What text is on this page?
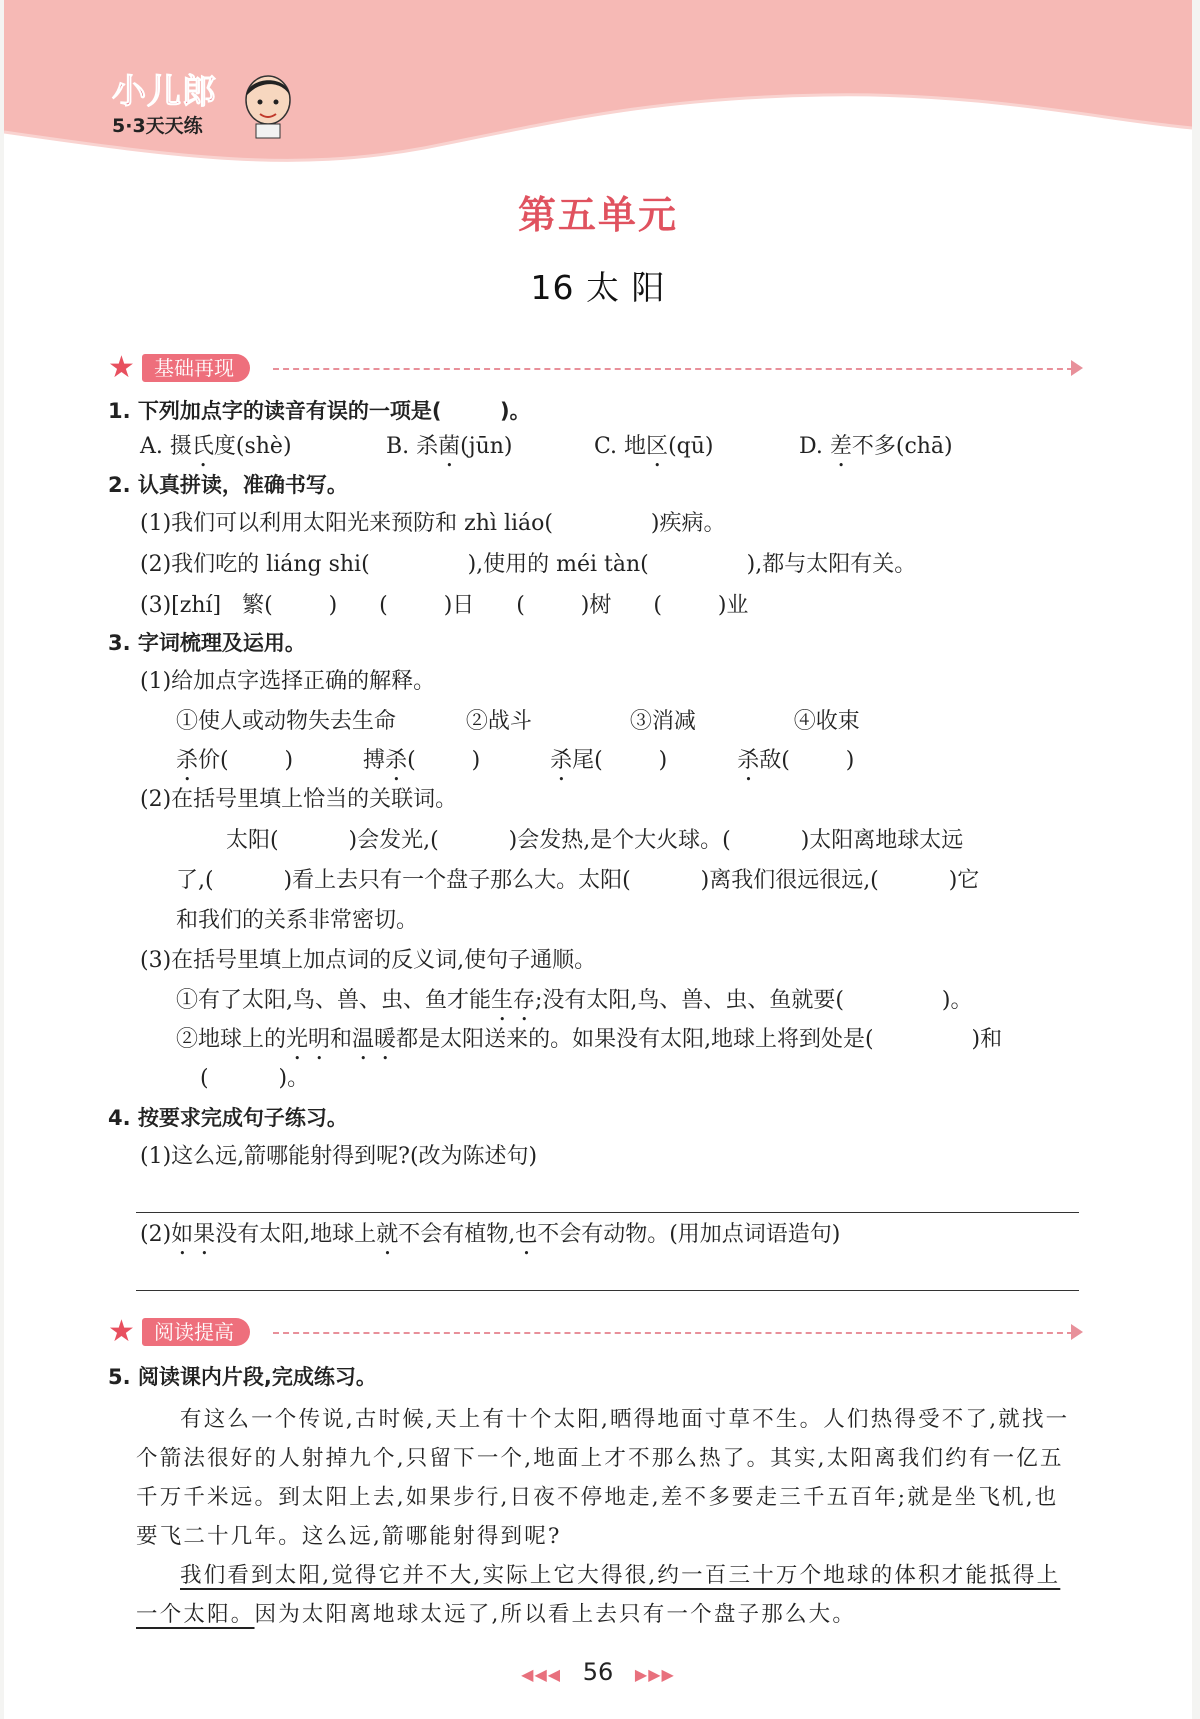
小儿郎
5·3天天练
第五单元
16 太 阳
★ 基础再现
1. 下列加点字的读音有误的一项是(        )。
A. 摄氏度(shè)	B. 杀菌(jūn)	C. 地区(qū)	D. 差不多(chā)
2. 认真拼读，准确书写。
(1)我们可以利用太阳光来预防和 zhì liáo(              )疾病。
(2)我们吃的 liáng shi(              ),使用的 méi tàn(              ),都与太阳有关。
(3)[zhí]   繁(        )      (        )日      (        )树      (        )业
3. 字词梳理及运用。
(1)给加点字选择正确的解释。
①使人或动物失去生命          ②战斗              ③消减              ④收束
杀价(        )          搏杀(        )          杀尾(        )          杀敌(        )
(2)在括号里填上恰当的关联词。
太阳(          )会发光,(          )会发热,是个大火球。(          )太阳离地球太远
了,(          )看上去只有一个盘子那么大。太阳(          )离我们很远很远,(          )它
和我们的关系非常密切。
(3)在括号里填上加点词的反义词,使句子通顺。
①有了太阳,鸟、兽、虫、鱼才能生存;没有太阳,鸟、兽、虫、鱼就要(              )。
②地球上的光明和温暖都是太阳送来的。如果没有太阳,地球上将到处是(              )和
(          )。
4. 按要求完成句子练习。
(1)这么远,箭哪能射得到呢?(改为陈述句)
(2)如果没有太阳,地球上就不会有植物,也不会有动物。(用加点词语造句)
★ 阅读提高
5. 阅读课内片段,完成练习。

有这么一个传说,古时候,天上有十个太阳,晒得地面寸草不生。人们热得受不了,就找一个箭法很好的人射掉九个,只留下一个,地面上才不那么热了。其实,太阳离我们约有一亿五千万千米远。到太阳上去,如果步行,日夜不停地走,差不多要走三千五百年;就是坐飞机,也要飞二十几年。这么远,箭哪能射得到呢?

我们看到太阳,觉得它并不大,实际上它大得很,约一百三十万个地球的体积才能抵得上一个太阳。因为太阳离地球太远了,所以看上去只有一个盘子那么大。

◀◀◀ 56 ▶▶▶
